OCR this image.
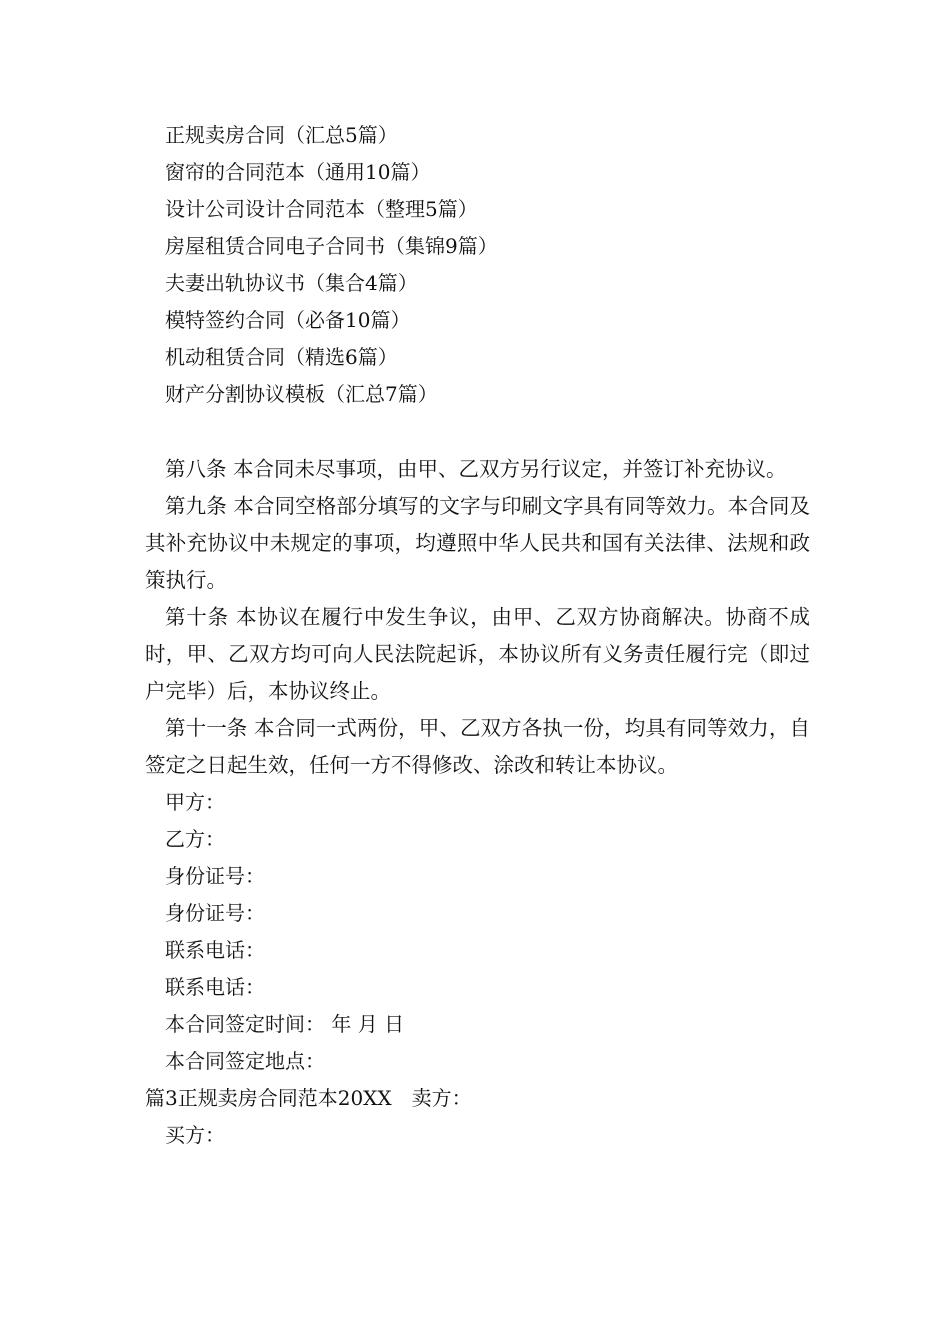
正规卖房合同（汇总5篇）
窗帘的合同范本（通用10篇）
设计公司设计合同范本（整理5篇）
房屋租赁合同电子合同书（集锦9篇）
夫妻出轨协议书（集合4篇）
模特签约合同（必备10篇）
机动租赁合同（精选6篇）
财产分割协议模板（汇总7篇）

第八条 本合同未尽事项，由甲、乙双方另行议定，并签订补充协议。

第九条 本合同空格部分填写的文字与印刷文字具有同等效力。本合同及其补充协议中未规定的事项，均遵照中华人民共和国有关法律、法规和政策执行。

第十条 本协议在履行中发生争议，由甲、乙双方协商解决。协商不成时，甲、乙双方均可向人民法院起诉，本协议所有义务责任履行完（即过户完毕）后，本协议终止。

第十一条 本合同一式两份，甲、乙双方各执一份，均具有同等效力，自签定之日起生效，任何一方不得修改、涂改和转让本协议。

甲方：
乙方：
身份证号：
身份证号：
联系电话：
联系电话：
本合同签定时间： 年 月 日
本合同签定地点：
篇3正规卖房合同范本20XX 卖方：
买方：
